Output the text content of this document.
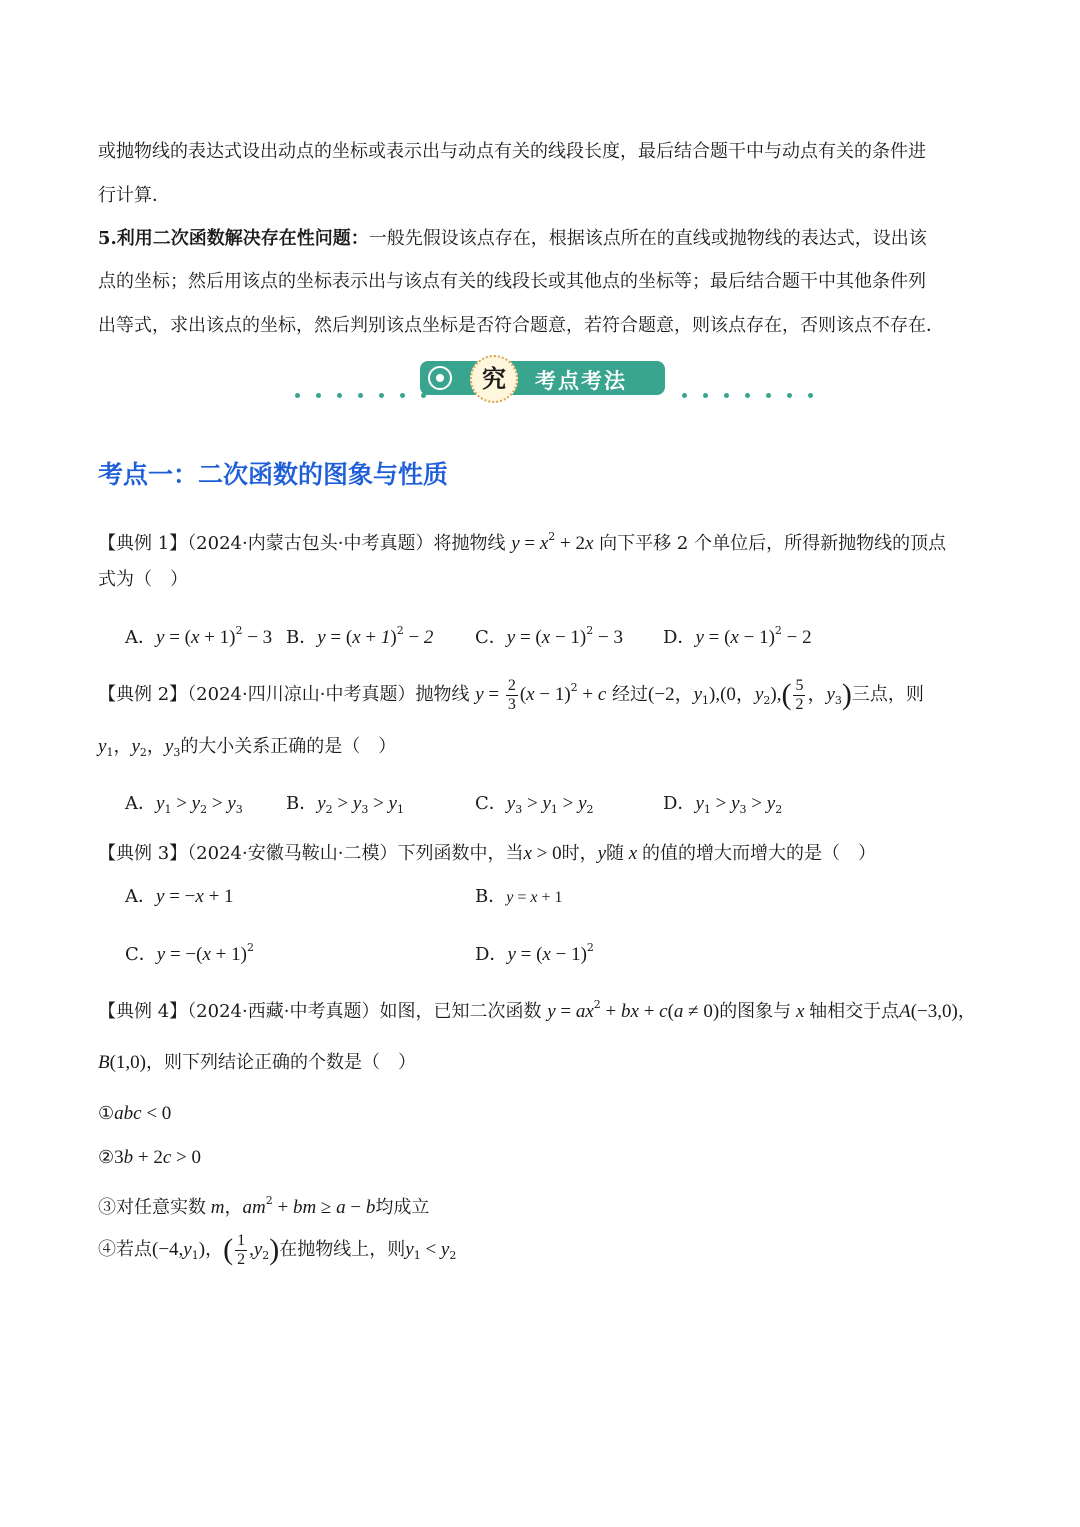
或抛物线的表达式设出动点的坐标或表示出与动点有关的线段长度，最后结合题干中与动点有关的条件进
行计算．
5.利用二次函数解决存在性问题：一般先假设该点存在，根据该点所在的直线或抛物线的表达式，设出该
点的坐标；然后用该点的坐标表示出与该点有关的线段长或其他点的坐标等；最后结合题干中其他条件列
出等式，求出该点的坐标，然后判别该点坐标是否符合题意，若符合题意，则该点存在，否则该点不存在．
究	考点考法
考点一：二次函数的图象与性质
【典例 1】（2024·内蒙古包头·中考真题）将抛物线 $y = x^2 + 2x$ 向下平移 2 个单位后，所得新抛物线的顶点
式为（　）
A．$y = (x + 1)^2 - 3$ B．$y = (x + 1)^2 - 2$ C．$y = (x - 1)^2 - 3$ D．$y = (x - 1)^2 - 2$
【典例 2】（2024·四川凉山·中考真题）抛物线 $y = \frac{2}{3} (x - 1)^2 + c$ 经过(−2，$y_1),(0$，$y_2),( \frac{5}{2}$ ，$y_3$)三点，则
$y_1$，$y_2$，$y_3$的大小关系正确的是（　）
A．$y_1 > y_2 > y_3$ B．$y_2 > y_3 > y_1$	C．$y_3 > y_1 > y_2$	D．$y_1 > y_3 > y_2$
【典例 3】（2024·安徽马鞍山·二模）下列函数中，当x > 0时，y随 x 的值的增大而增大的是（　）
A．y = −x + 1	B．y = x + 1
C．$y = -(x + 1)^2$	D．$y = (x - 1)^2$
【典例 4】（2024·西藏·中考真题）如图，已知二次函数 $y = ax^2$ + bx + c(a ≠ 0)的图象与 x 轴相交于点A(−3,0)，
B(1,0)，则下列结论正确的个数是（　）
①abc < 0
②3b + 2c > 0
③对任意实数 m，$am^2$ + bm ≥ a − b均成立
④若点$(-4,y_1)$，( $\frac{1}{2} ,y_2$)在抛物线上，则$y_1 < y_2$
